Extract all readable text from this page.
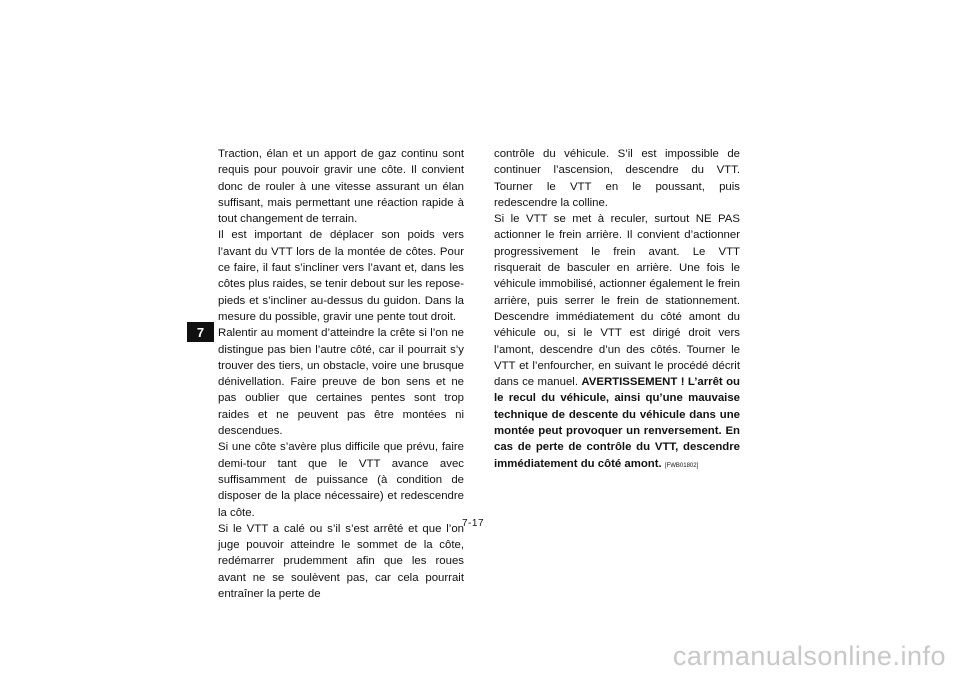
7

Traction, élan et un apport de gaz continu sont requis pour pouvoir gravir une côte. Il convient donc de rouler à une vitesse assurant un élan suffisant, mais permettant une réaction rapide à tout changement de terrain.

Il est important de déplacer son poids vers l’avant du VTT lors de la montée de côtes. Pour ce faire, il faut s’incliner vers l’avant et, dans les côtes plus raides, se tenir debout sur les repose-pieds et s’incliner au-dessus du guidon. Dans la mesure du possible, gravir une pente tout droit.

Ralentir au moment d’atteindre la crête si l’on ne distingue pas bien l’autre côté, car il pourrait s’y trouver des tiers, un obstacle, voire une brusque dénivellation. Faire preuve de bon sens et ne pas oublier que certaines pentes sont trop raides et ne peuvent pas être montées ni descendues.

Si une côte s’avère plus difficile que prévu, faire demi-tour tant que le VTT avance avec suffisamment de puissance (à condition de disposer de la place nécessaire) et redescendre la côte.

Si le VTT a calé ou s’il s’est arrêté et que l’on juge pouvoir atteindre le sommet de la côte, redémarrer prudemment afin que les roues avant ne se soulèvent pas, car cela pourrait entraîner la perte de

contrôle du véhicule. S’il est impossible de continuer l’ascension, descendre du VTT. Tourner le VTT en le poussant, puis redescendre la colline.

Si le VTT se met à reculer, surtout NE PAS actionner le frein arrière. Il convient d’actionner progressivement le frein avant. Le VTT risquerait de basculer en arrière. Une fois le véhicule immobilisé, actionner également le frein arrière, puis serrer le frein de stationnement. Descendre immédiatement du côté amont du véhicule ou, si le VTT est dirigé droit vers l’amont, descendre d’un des côtés. Tourner le VTT et l’enfourcher, en suivant le procédé décrit dans ce manuel. AVERTISSEMENT ! L’arrêt ou le recul du véhicule, ainsi qu’une mauvaise technique de descente du véhicule dans une montée peut provoquer un renversement. En cas de perte de contrôle du VTT, descendre immédiatement du côté amont. [FWB01802]

7-17
carmanualsonline.info
